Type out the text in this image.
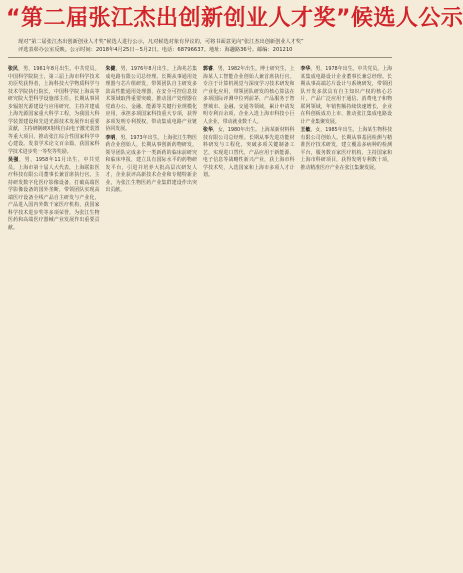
“第二届张江杰出创新创业人才奖”候选人公示

现对“第二届张江杰出创新创业人才奖”候选人进行公示，凡对候选对象有异议的，可将书面意见向“张江杰出创新创业人才奖”

评选表彰办公室反映。公示时间：2018年4月25日－5月2日。电话：68796637。地址：海趣路36号。邮编：201210

张民，男，1961年8月出生。中共党员。中国科学院院士，第三届上海市科学技术功臣奖获得者，上海科技大学物质科学与技术学院执行院长，中国科学院上海高等研究院大型科学设施部主任。长期从事同步辐射光源建设与应用研究，主持并建成上海光源国家重大科学工程，为我国大科学装置建设和先进光源技术发展作出重要贡献，主持研制硬X射线自由电子激光装置等重大项目，推动张江综合性国家科学中心建设。发表学术论文百余篇，获国家科学技术进步奖一等奖等奖励。

吴强，男，1958年11月出生，中共党员。上海市第十届人大代表，上海联影医疗科技有限公司董事长兼首席执行官。主持研发数字化医疗影像设备，打破高端医学影像设备的国外垄断，带领团队实现高端医疗设备全线产品自主研发与产业化，产品进入国内外数千家医疗机构，获国家科学技术进步奖等多项荣誉，为张江生物医药和高端医疗器械产业发展作出重要贡献。

朱健，男，1976年8月出生。上海兆芯集成电路有限公司总经理。长期从事通用处理器与芯片组研发，带领团队自主研发多款高性能通用处理器，在安全可控信息技术领域取得重要突破，推动国产处理器在党政办公、金融、能源等关键行业规模化应用，承担多项国家科技重大专项，获得多项发明专利授权，带动集成电路产业链协同发展。

李明，男，1973年出生。上海张江生物医药企业创始人，长期从事创新药物研发，领导团队完成多个一类新药的临床前研究和临床申报，建立具有国际水平的药物研发平台，引进并培养大批高层次研发人才，企业获评高新技术企业和专精特新企业，为张江生物医药产业集群建设作出突出贡献。

郭睿，男，1982年出生。博士研究生，上海某人工智能企业创始人兼首席执行官。专注于计算机视觉与深度学习技术研发和产业化应用，带领团队研发的核心算法在多项国际评测中位列前茅，产品服务于智慧城市、金融、交通等领域，累计申请发明专利百余项，企业入选上海市科技小巨人企业，带动就业数千人。

张华，女，1980年出生。上海某新材料科技有限公司总经理。长期从事先进功能材料研发与工程化，突破多项关键制备工艺，实现进口替代，产品应用于新能源、电子信息等战略性新兴产业，获上海市科学技术奖，入选国家和上海市多项人才计划。

李华，男，1978年出生。中共党员。上海某集成电路设计企业董事长兼总经理。长期从事高端芯片设计与系统研发，带领团队开发多款具有自主知识产权的核心芯片，产品广泛应用于通信、消费电子和物联网领域，年销售额持续快速增长，企业在科创板成功上市，推动张江集成电路设计产业集聚发展。

王敏，女，1985年出生。上海某生物科技有限公司创始人。长期从事基因检测与精准医疗技术研发，建立覆盖多病种的检测平台，服务数百家医疗机构，主持国家和上海市科研项目，获得发明专利数十项，推动精准医疗产业在张江集聚发展。
